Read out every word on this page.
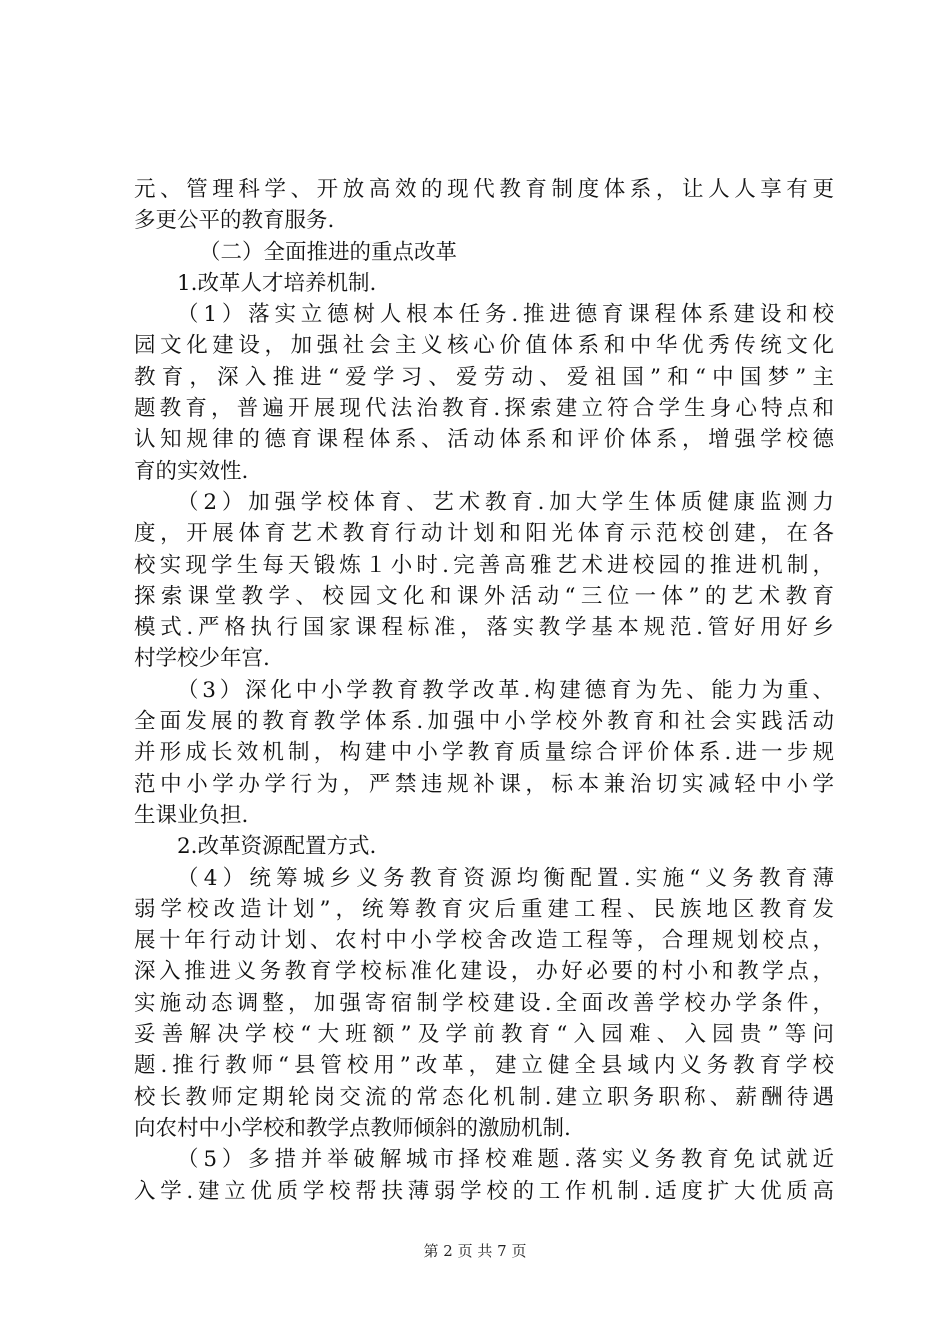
元、管理科学、开放高效的现代教育制度体系，让人人享有更
多更公平的教育服务.
（二）全面推进的重点改革
1.改革人才培养机制.
（1）落实立德树人根本任务.推进德育课程体系建设和校
园文化建设，加强社会主义核心价值体系和中华优秀传统文化
教育，深入推进“爱学习、爱劳动、爱祖国”和“中国梦”主
题教育，普遍开展现代法治教育.探索建立符合学生身心特点和
认知规律的德育课程体系、活动体系和评价体系，增强学校德
育的实效性.
（2）加强学校体育、艺术教育.加大学生体质健康监测力
度，开展体育艺术教育行动计划和阳光体育示范校创建，在各
校实现学生每天锻炼１小时.完善高雅艺术进校园的推进机制，
探索课堂教学、校园文化和课外活动“三位一体”的艺术教育
模式.严格执行国家课程标准，落实教学基本规范.管好用好乡
村学校少年宫.
（3）深化中小学教育教学改革.构建德育为先、能力为重、
全面发展的教育教学体系.加强中小学校外教育和社会实践活动
并形成长效机制，构建中小学教育质量综合评价体系.进一步规
范中小学办学行为，严禁违规补课，标本兼治切实减轻中小学
生课业负担.
2.改革资源配置方式.
（4）统筹城乡义务教育资源均衡配置.实施“义务教育薄
弱学校改造计划”，统筹教育灾后重建工程、民族地区教育发
展十年行动计划、农村中小学校舍改造工程等，合理规划校点，
深入推进义务教育学校标准化建设，办好必要的村小和教学点，
实施动态调整，加强寄宿制学校建设.全面改善学校办学条件，
妥善解决学校“大班额”及学前教育“入园难、入园贵”等问
题.推行教师“县管校用”改革，建立健全县域内义务教育学校
校长教师定期轮岗交流的常态化机制.建立职务职称、薪酬待遇
向农村中小学校和教学点教师倾斜的激励机制.
（5）多措并举破解城市择校难题.落实义务教育免试就近
入学.建立优质学校帮扶薄弱学校的工作机制.适度扩大优质高
第 2 页 共 7 页
